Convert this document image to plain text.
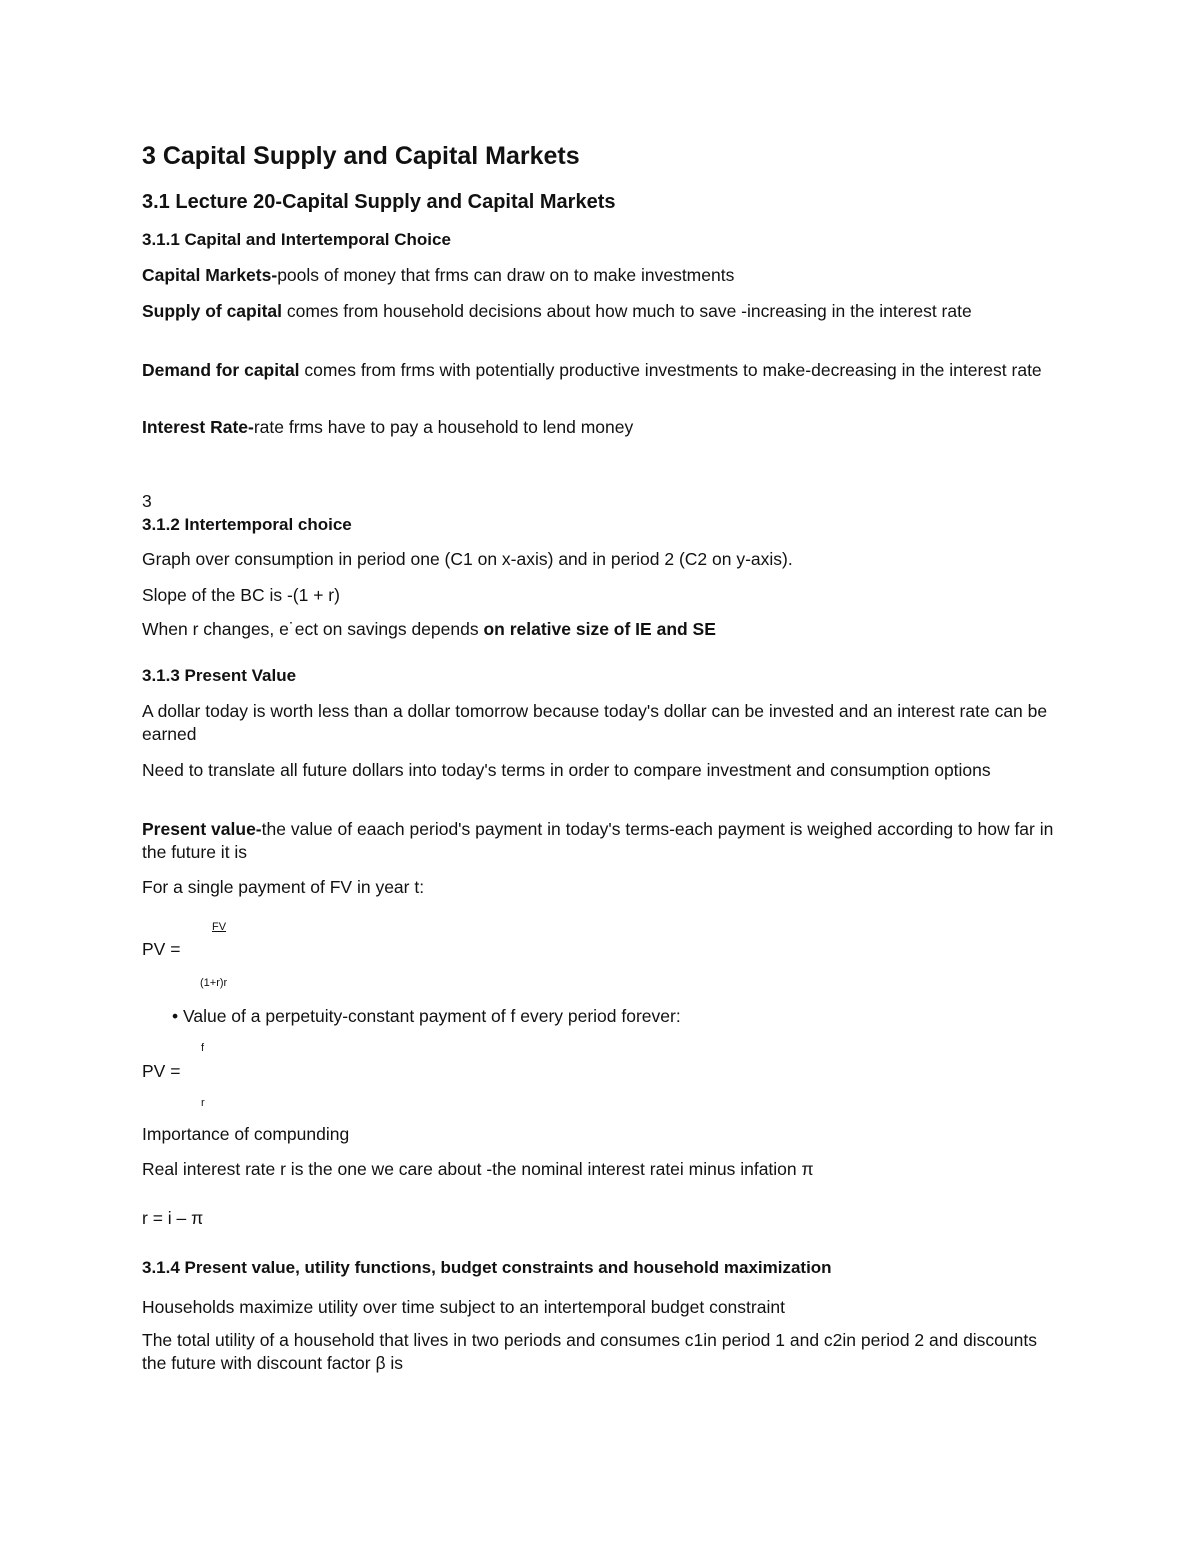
3 Capital Supply and Capital Markets
3.1 Lecture 20-Capital Supply and Capital Markets
3.1.1 Capital and Intertemporal Choice
Capital Markets-pools of money that frms can draw on to make investments
Supply of capital comes from household decisions about how much to save -increasing in the interest rate
Demand for capital comes from frms with potentially productive investments to make-decreasing in the interest rate
Interest Rate-rate frms have to pay a household to lend money
3
3.1.2 Intertemporal choice
Graph over consumption in period one (C1 on x-axis) and in period 2 (C2 on y-axis).
Slope of the BC is -(1 + r)
When r changes, e˙ect on savings depends on relative size of IE and SE
3.1.3 Present Value
A dollar today is worth less than a dollar tomorrow because today's dollar can be invested and an interest rate can be earned
Need to translate all future dollars into today's terms in order to compare investment and consumption options
Present value-the value of eaach period's payment in today's terms-each payment is weighed according to how far in the future it is
For a single payment of FV in year t:
FV
PV =
(1+r)r
• Value of a perpetuity-constant payment of f every period forever:
f
PV =
r
Importance of compunding
Real interest rate r is the one we care about -the nominal interest ratei minus infation π
r = i – π
3.1.4 Present value, utility functions, budget constraints and household maximization
Households maximize utility over time subject to an intertemporal budget constraint
The total utility of a household that lives in two periods and consumes c1in period 1 and c2in period 2 and discounts the future with discount factor β is
